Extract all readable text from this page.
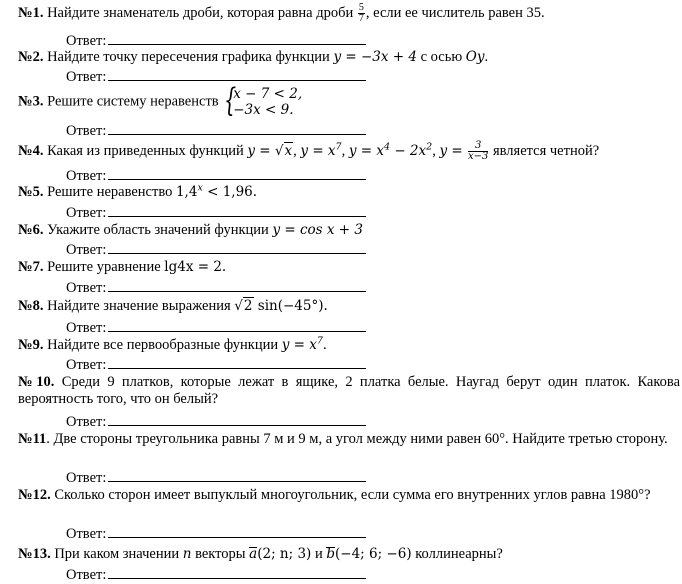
№1. Найдите знаменатель дроби, которая равна дроби $\frac{5}{7}$ , если ее числитель равен 35.
Ответ:
№2. Найдите точку пересечения графика функции y = −3x + 4 с осью Oy.
Ответ:
№3. Решите систему неравенств {
x − 7 < 2,
−3x < 9.
Ответ:
№4. Какая из приведенных функций y = √x, $y = x^7$, $y = x^4 - 2x^2$, $y = \frac{3}{x-3}$ является четной?
Ответ:
№5. Решите неравенство $1,4^x < 1,96$.
Ответ:
№6. Укажите область значений функции y = cos x + 3
Ответ:
№7. Решите уравнение lg4x = 2.
Ответ:
№8. Найдите значение выражения √2 sin(−45°).
Ответ:
№9. Найдите все первообразные функции $y = x^7$.
Ответ:
№10. Среди 9 платков, которые лежат в ящике, 2 платка белые. Наугад берут один платок. Какова вероятность того, что он белый?
Ответ:
№11. Две стороны треугольника равны 7 м и 9 м, а угол между ними равен 60°. Найдите третью сторону.
Ответ:
№12. Сколько сторон имеет выпуклый многоугольник, если сумма его внутренних углов равна 1980°?
Ответ:
№13. При каком значении n векторы a(2; n; 3) и b(−4; 6; −6) коллинеарны?
Ответ:
